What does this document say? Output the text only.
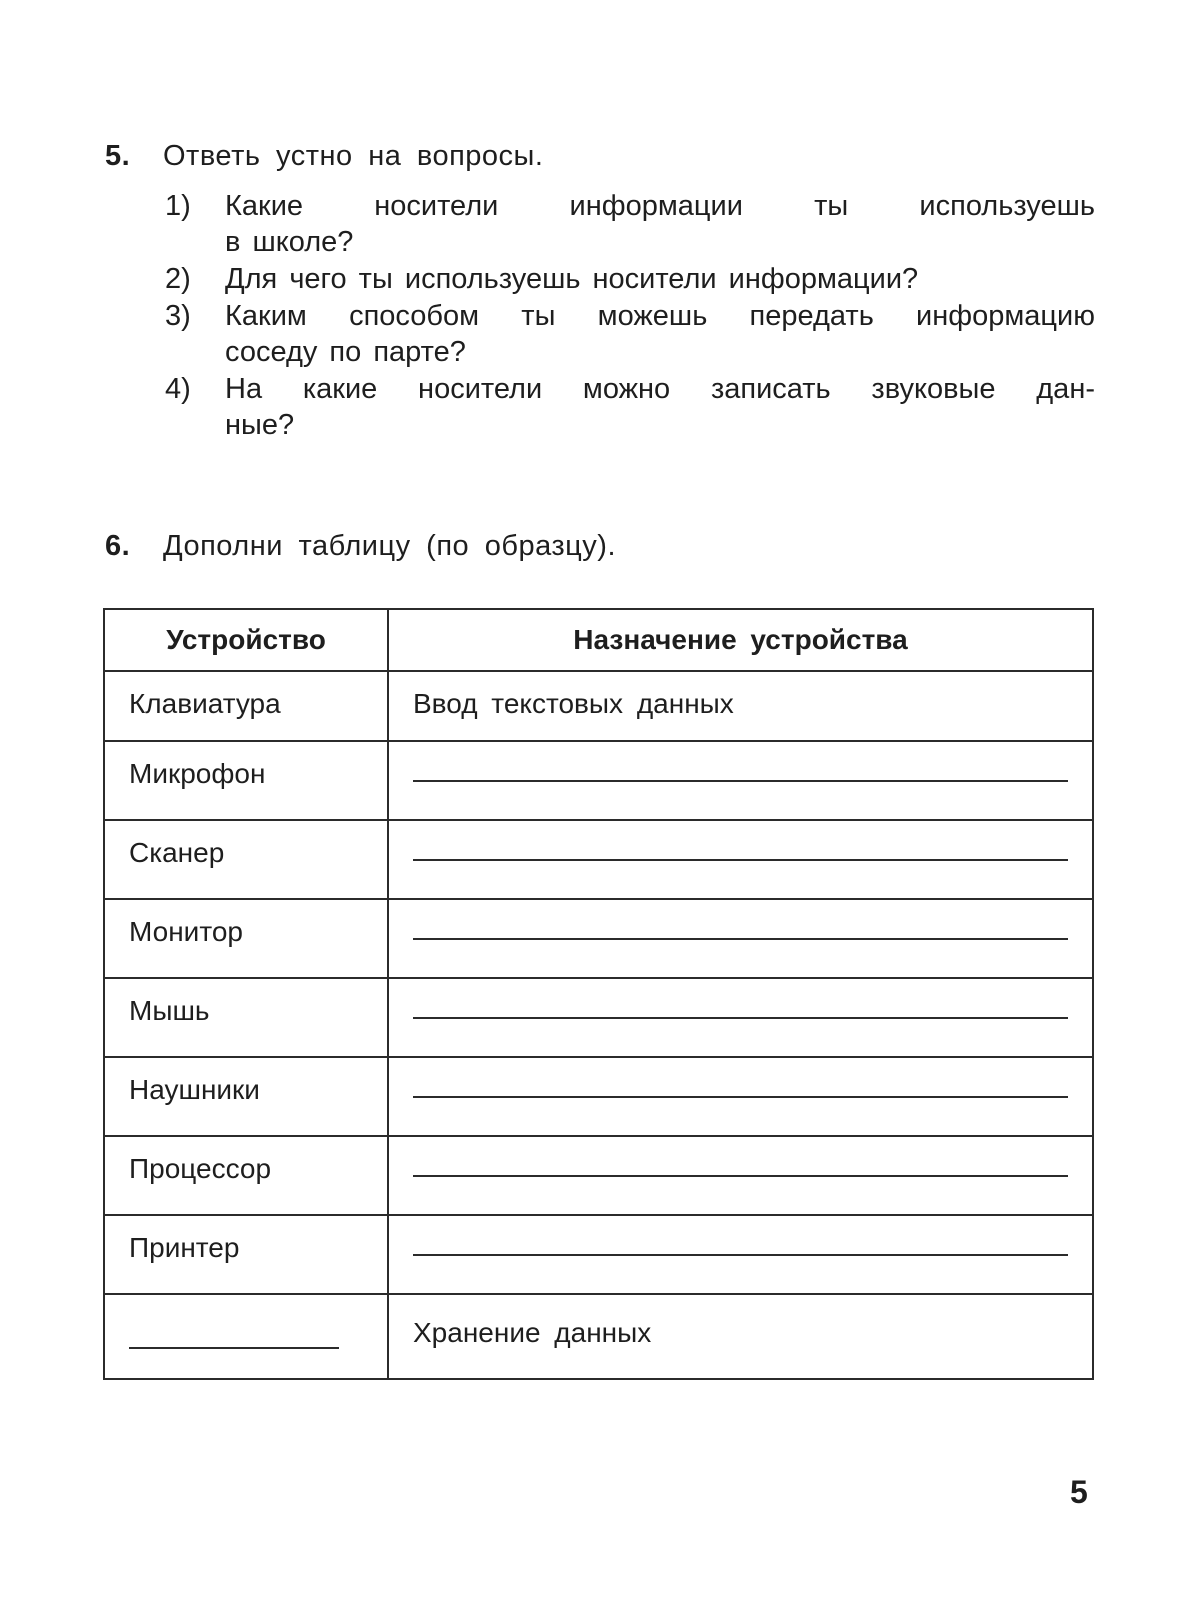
5.	Ответь устно на вопросы.
1)	Какие носители информации ты используешь
в школе?
2)	Для чего ты используешь носители информации?
3)	Каким способом ты можешь передать информацию
соседу по парте?
4)	На какие носители можно записать звуковые дан-
ные?
6.	Дополни таблицу (по образцу).
Устройство	Назначение устройства
Клавиатура	Ввод текстовых данных
Микрофон	

Сканер	

Монитор	

Мышь	

Наушники	

Процессор	

Принтер	

	Хранение данных
5
